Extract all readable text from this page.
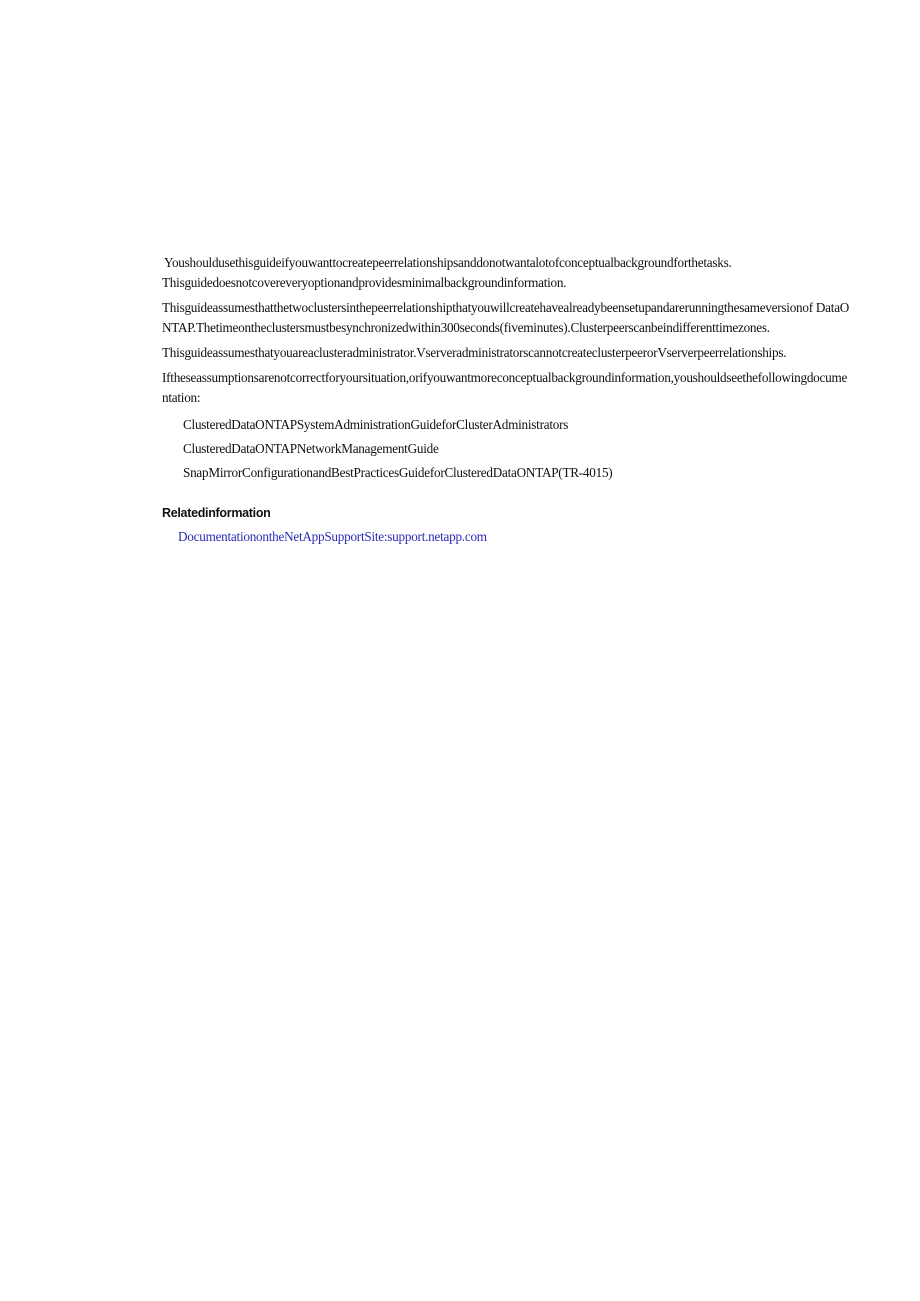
Youshouldusethisguideifyouwanttocreatepeerrelationshipsanddonotwantalotofconceptualbackgroundforthetasks.
Thisguidedoesnotcovereveryoptionandprovidesminimalbackgroundinformation.

Thisguideassumesthatthetwoclustersinthepeerrelationshipthatyouwillcreatehavealreadybeensetupandarerunningthesameversionof DataONTAP.Thetimeontheclustersmustbesynchronizedwithin300seconds(fiveminutes).Clusterpeerscanbeindifferenttimezones.

Thisguideassumesthatyouareaclusteradministrator.VserveradministratorscannotcreateclusterpeerorVserverpeerrelationships.

Iftheseassumptionsarenotcorrectforyoursituation,orifyouwantmoreconceptualbackgroundinformation,youshouldseethefollowingdocumentation:

ClusteredDataONTAPSystemAdministrationGuideforClusterAdministrators
ClusteredDataONTAPNetworkManagementGuide
SnapMirrorConfigurationandBestPracticesGuideforClusteredDataONTAP(TR-4015)
Relatedinformation
DocumentationontheNetAppSupportSite:support.netapp.com
